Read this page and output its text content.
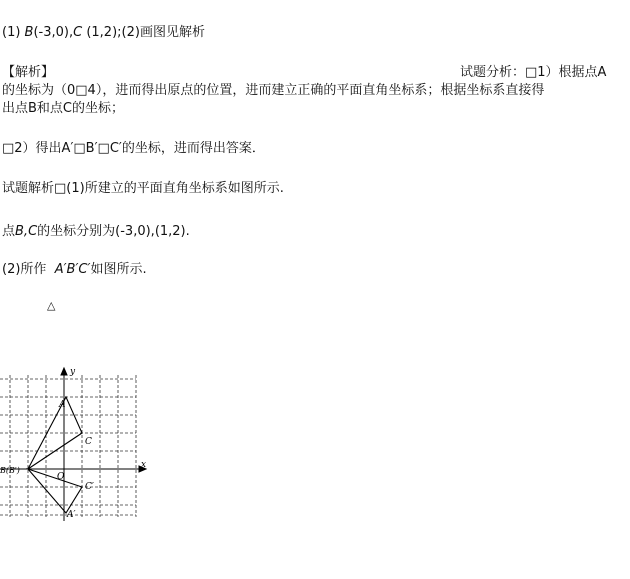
(1) B(-3,0),C (1,2);(2)画图见解析
【解析】	试题分析：□1）根据点A
的坐标为（0□4），进而得出原点的位置，进而建立正确的平面直角坐标系；根据坐标系直接得
出点B和点C的坐标；
□2）得出A′□B′□C′的坐标，进而得出答案．
试题解析□(1)所建立的平面直角坐标系如图所示.
点B,C的坐标分别为(-3,0),(1,2).
(2)所作 A′B′C′如图所示.
△
y
x
O
A
C
B(B′)
C′
A′
